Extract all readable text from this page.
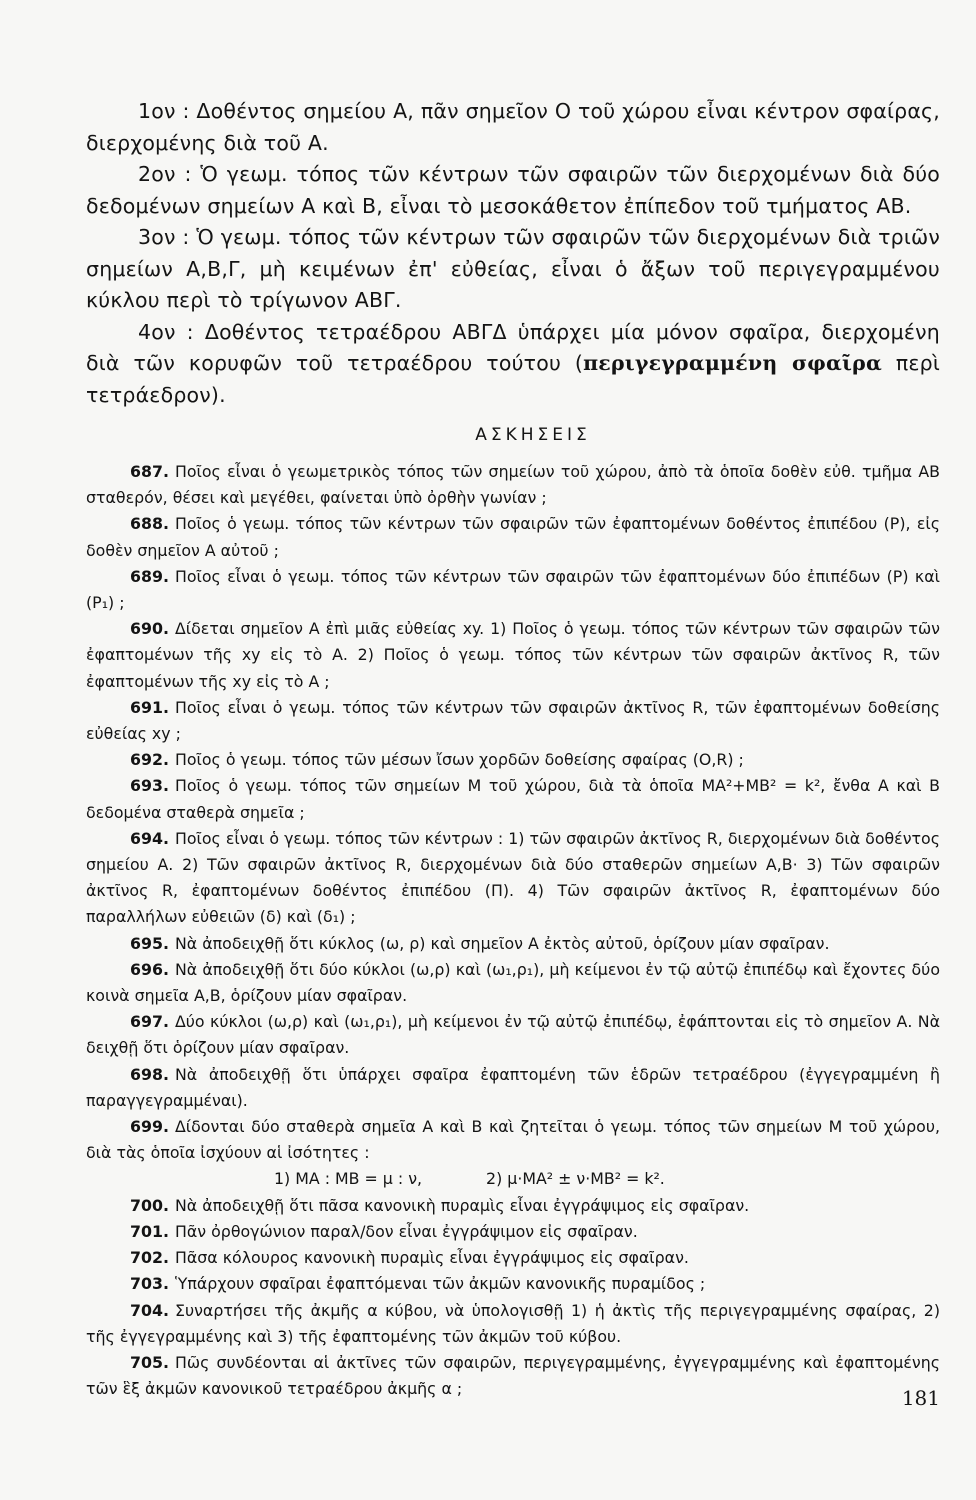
1ον : Δοθέντος σημείου Α, πᾶν σημεῖον Ο τοῦ χώρου εἶναι κέντρον σφαίρας, διερχομένης διὰ τοῦ Α.

2ον : Ὁ γεωμ. τόπος τῶν κέντρων τῶν σφαιρῶν τῶν διερχομένων διὰ δύο δεδομένων σημείων Α καὶ Β, εἶναι τὸ μεσοκάθετον ἐπίπεδον τοῦ τμήματος ΑΒ.

3ον : Ὁ γεωμ. τόπος τῶν κέντρων τῶν σφαιρῶν τῶν διερχομένων διὰ τριῶν σημείων Α,Β,Γ, μὴ κειμένων ἐπ' εὐθείας, εἶναι ὁ ἄξων τοῦ περιγεγραμμένου κύκλου περὶ τὸ τρίγωνον ΑΒΓ.

4ον : Δοθέντος τετραέδρου ΑΒΓΔ ὑπάρχει μία μόνον σφαῖρα, διερχομένη διὰ τῶν κορυφῶν τοῦ τετραέδρου τούτου (περιγεγραμμένη σφαῖρα περὶ τετράεδρον).

ΑΣΚΗΣΕΙΣ

687. Ποῖος εἶναι ὁ γεωμετρικὸς τόπος τῶν σημείων τοῦ χώρου, ἀπὸ τὰ ὁποῖα δοθὲν εὐθ. τμῆμα ΑΒ σταθερόν, θέσει καὶ μεγέθει, φαίνεται ὑπὸ ὀρθὴν γωνίαν ;

688. Ποῖος ὁ γεωμ. τόπος τῶν κέντρων τῶν σφαιρῶν τῶν ἐφαπτομένων δοθέντος ἐπιπέδου (Ρ), εἰς δοθὲν σημεῖον Α αὐτοῦ ;

689. Ποῖος εἶναι ὁ γεωμ. τόπος τῶν κέντρων τῶν σφαιρῶν τῶν ἐφαπτομένων δύο ἐπιπέδων (Ρ) καὶ (Ρ₁) ;

690. Δίδεται σημεῖον Α ἐπὶ μιᾶς εὐθείας xy. 1) Ποῖος ὁ γεωμ. τόπος τῶν κέντρων τῶν σφαιρῶν τῶν ἐφαπτομένων τῆς xy εἰς τὸ Α. 2) Ποῖος ὁ γεωμ. τόπος τῶν κέντρων τῶν σφαιρῶν ἀκτῖνος R, τῶν ἐφαπτομένων τῆς xy εἰς τὸ Α ;

691. Ποῖος εἶναι ὁ γεωμ. τόπος τῶν κέντρων τῶν σφαιρῶν ἀκτῖνος R, τῶν ἐφαπτομένων δοθείσης εὐθείας xy ;

692. Ποῖος ὁ γεωμ. τόπος τῶν μέσων ἴσων χορδῶν δοθείσης σφαίρας (Ο,R) ;

693. Ποῖος ὁ γεωμ. τόπος τῶν σημείων Μ τοῦ χώρου, διὰ τὰ ὁποῖα ΜΑ²+ΜΒ² = k², ἔνθα Α καὶ Β δεδομένα σταθερὰ σημεῖα ;

694. Ποῖος εἶναι ὁ γεωμ. τόπος τῶν κέντρων : 1) τῶν σφαιρῶν ἀκτῖνος R, διερχομένων διὰ δοθέντος σημείου Α. 2) Τῶν σφαιρῶν ἀκτῖνος R, διερχομένων διὰ δύο σταθερῶν σημείων Α,Β· 3) Τῶν σφαιρῶν ἀκτῖνος R, ἐφαπτομένων δοθέντος ἐπιπέδου (Π). 4) Τῶν σφαιρῶν ἀκτῖνος R, ἐφαπτομένων δύο παραλλήλων εὐθειῶν (δ) καὶ (δ₁) ;

695. Νὰ ἀποδειχθῇ ὅτι κύκλος (ω, ρ) καὶ σημεῖον Α ἐκτὸς αὐτοῦ, ὁρίζουν μίαν σφαῖραν.

696. Νὰ ἀποδειχθῇ ὅτι δύο κύκλοι (ω,ρ) καὶ (ω₁,ρ₁), μὴ κείμενοι ἐν τῷ αὐτῷ ἐπιπέδῳ καὶ ἔχοντες δύο κοινὰ σημεῖα Α,Β, ὁρίζουν μίαν σφαῖραν.

697. Δύο κύκλοι (ω,ρ) καὶ (ω₁,ρ₁), μὴ κείμενοι ἐν τῷ αὐτῷ ἐπιπέδῳ, ἐφάπτονται εἰς τὸ σημεῖον Α. Νὰ δειχθῇ ὅτι ὁρίζουν μίαν σφαῖραν.

698. Νὰ ἀποδειχθῇ ὅτι ὑπάρχει σφαῖρα ἐφαπτομένη τῶν ἑδρῶν τετραέδρου (ἐγγεγραμμένη ἢ παραγγεγραμμέναι).

699. Δίδονται δύο σταθερὰ σημεῖα Α καὶ Β καὶ ζητεῖται ὁ γεωμ. τόπος τῶν σημείων Μ τοῦ χώρου, διὰ τὰς ὁποῖα ἰσχύουν αἱ ἰσότητες :

1) ΜΑ : ΜΒ = μ : ν,	2) μ·ΜΑ² ± ν·ΜΒ² = k².

700. Νὰ ἀποδειχθῇ ὅτι πᾶσα κανονικὴ πυραμὶς εἶναι ἐγγράψιμος εἰς σφαῖραν.

701. Πᾶν ὀρθογώνιον παραλ/δον εἶναι ἐγγράψιμον εἰς σφαῖραν.

702. Πᾶσα κόλουρος κανονικὴ πυραμὶς εἶναι ἐγγράψιμος εἰς σφαῖραν.

703. Ὑπάρχουν σφαῖραι ἐφαπτόμεναι τῶν ἀκμῶν κανονικῆς πυραμίδος ;

704. Συναρτήσει τῆς ἀκμῆς α κύβου, νὰ ὑπολογισθῇ 1) ἡ ἀκτὶς τῆς περιγεγραμμένης σφαίρας, 2) τῆς ἐγγεγραμμένης καὶ 3) τῆς ἐφαπτομένης τῶν ἀκμῶν τοῦ κύβου.

705. Πῶς συνδέονται αἱ ἀκτῖνες τῶν σφαιρῶν, περιγεγραμμένης, ἐγγεγραμμένης καὶ ἐφαπτομένης τῶν ἓξ ἀκμῶν κανονικοῦ τετραέδρου ἀκμῆς α ;	181
